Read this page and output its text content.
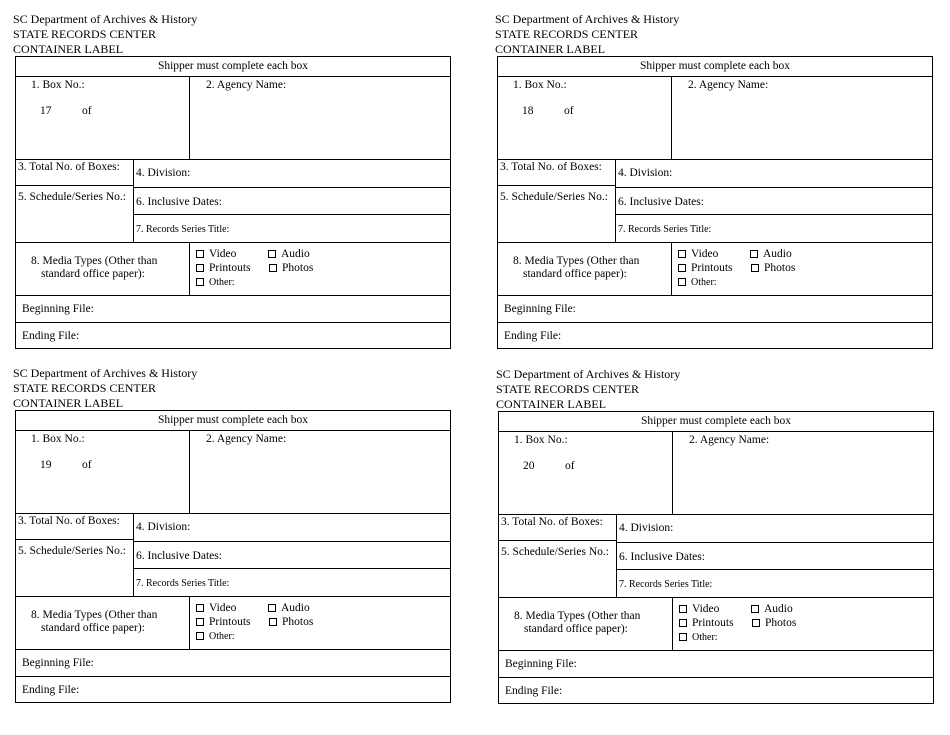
SC Department of Archives & History
STATE RECORDS CENTER
CONTAINER LABEL
Shipper must complete each box
1. Box No.:
17	of
2. Agency Name:
3. Total No. of Boxes: 4. Division:
5. Schedule/Series No.: 6. Inclusive Dates:
7. Records Series Title:
8. Media Types (Other than
standard office paper):
Video	Audio
Printouts	Photos
Other:
Beginning File:
Ending File:
SC Department of Archives & History
STATE RECORDS CENTER
CONTAINER LABEL
Shipper must complete each box
1. Box No.:
18	of
2. Agency Name:
3. Total No. of Boxes: 4. Division:
5. Schedule/Series No.: 6. Inclusive Dates:
7. Records Series Title:
8. Media Types (Other than
standard office paper):
Video	Audio
Printouts	Photos
Other:
Beginning File:
Ending File:
SC Department of Archives & History
STATE RECORDS CENTER
CONTAINER LABEL
Shipper must complete each box
1. Box No.:
19	of
2. Agency Name:
3. Total No. of Boxes: 4. Division:
5. Schedule/Series No.: 6. Inclusive Dates:
7. Records Series Title:
8. Media Types (Other than
standard office paper):
Video	Audio
Printouts	Photos
Other:
Beginning File:
Ending File:
SC Department of Archives & History
STATE RECORDS CENTER
CONTAINER LABEL
Shipper must complete each box
1. Box No.:
20	of
2. Agency Name:
3. Total No. of Boxes: 4. Division:
5. Schedule/Series No.: 6. Inclusive Dates:
7. Records Series Title:
8. Media Types (Other than
standard office paper):
Video	Audio
Printouts	Photos
Other:
Beginning File:
Ending File:
